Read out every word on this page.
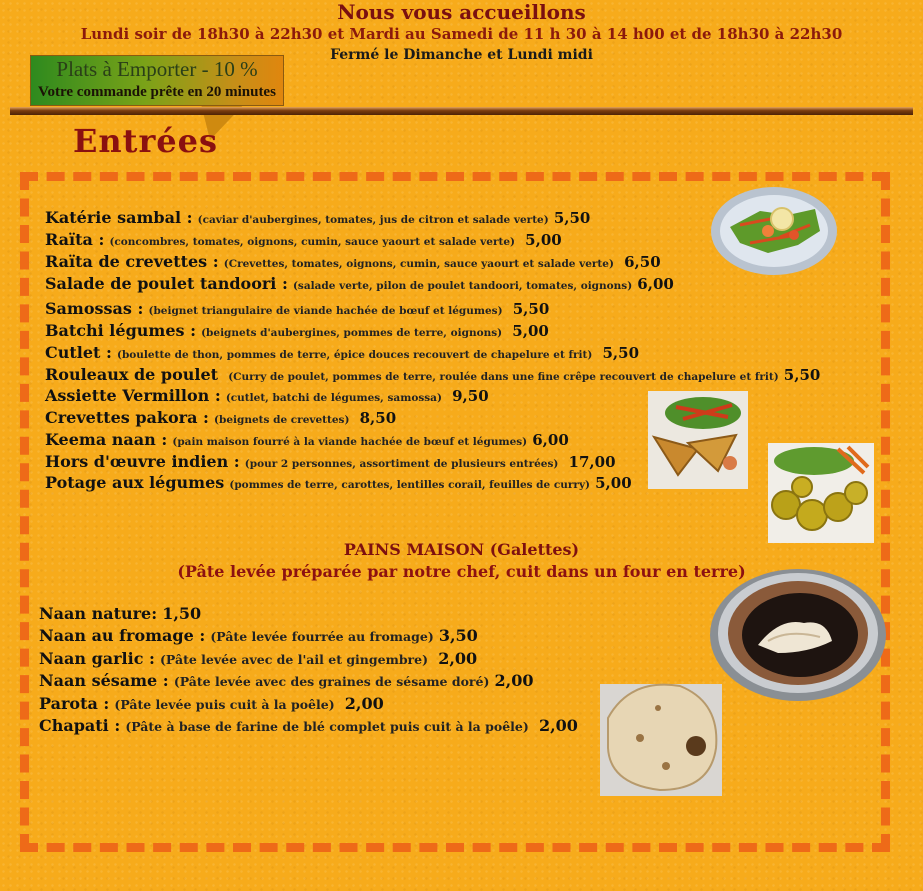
Nous vous accueillons
Lundi soir de 18h30 à 22h30 et Mardi au Samedi de 11 h 30 à 14 h00 et de 18h30 à 22h30
Fermé le Dimanche et Lundi midi
Plats à Emporter - 10 %
Votre commande prête en 20 minutes
Entrées
Katérie sambal : (caviar d'aubergines, tomates, jus de citron et salade verte) 5,50
Raïta : (concombres, tomates, oignons, cumin, sauce yaourt et salade verte) 5,00
Raïta de crevettes : (Crevettes, tomates, oignons, cumin, sauce yaourt et salade verte) 6,50
Salade de poulet tandoori : (salade verte, pilon de poulet tandoori, tomates, oignons) 6,00
Samossas : (beignet triangulaire de viande hachée de bœuf et légumes) 5,50
Batchi légumes : (beignets d'aubergines, pommes de terre, oignons) 5,00
Cutlet : (boulette de thon, pommes de terre, épice douces recouvert de chapelure et frit) 5,50
Rouleaux de poulet (Curry de poulet, pommes de terre, roulée dans une fine crêpe recouvert de chapelure et frit) 5,50
Assiette Vermillon : (cutlet, batchi de légumes, samossa) 9,50
Crevettes pakora : (beignets de crevettes) 8,50
Keema naan : (pain maison fourré à la viande hachée de bœuf et légumes) 6,00
Hors d'œuvre indien : (pour 2 personnes, assortiment de plusieurs entrées) 17,00
Potage aux légumes (pommes de terre, carottes, lentilles corail, feuilles de curry) 5,00
PAINS MAISON (Galettes)
(Pâte levée préparée par notre chef, cuit dans un four en terre)
Naan nature: 1,50
Naan au fromage : (Pâte levée fourrée au fromage) 3,50
Naan garlic : (Pâte levée avec de l'ail et gingembre) 2,00
Naan sésame : (Pâte levée avec des graines de sésame doré) 2,00
Parota : (Pâte levée puis cuit à la poêle) 2,00
Chapati : (Pâte à base de farine de blé complet puis cuit à la poêle) 2,00
